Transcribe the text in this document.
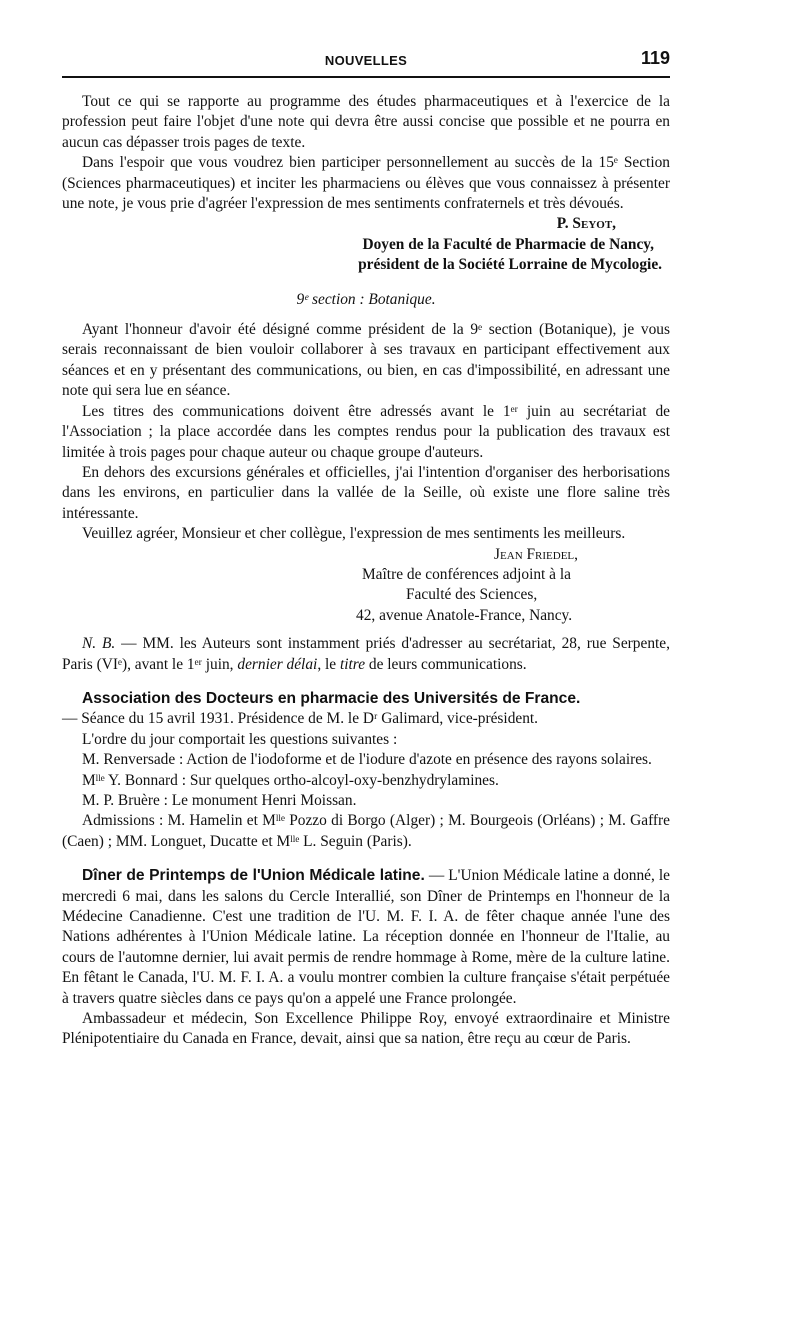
NOUVELLES	119

Tout ce qui se rapporte au programme des études pharmaceutiques et à l'exercice de la profession peut faire l'objet d'une note qui devra être aussi concise que possible et ne pourra en aucun cas dépasser trois pages de texte.

Dans l'espoir que vous voudrez bien participer personnellement au succès de la 15ᵉ Section (Sciences pharmaceutiques) et inciter les pharmaciens ou élèves que vous connaissez à présenter une note, je vous prie d'agréer l'expression de mes sentiments confraternels et très dévoués.

P. Seyot,

Doyen de la Faculté de Pharmacie de Nancy,

président de la Société Lorraine de Mycologie.

9ᵉ section : Botanique.

Ayant l'honneur d'avoir été désigné comme président de la 9ᵉ section (Botanique), je vous serais reconnaissant de bien vouloir collaborer à ses travaux en participant effectivement aux séances et en y présentant des communications, ou bien, en cas d'impossibilité, en adressant une note qui sera lue en séance.

Les titres des communications doivent être adressés avant le 1ᵉʳ juin au secrétariat de l'Association ; la place accordée dans les comptes rendus pour la publication des travaux est limitée à trois pages pour chaque auteur ou chaque groupe d'auteurs.

En dehors des excursions générales et officielles, j'ai l'intention d'organiser des herborisations dans les environs, en particulier dans la vallée de la Seille, où existe une flore saline très intéressante.

Veuillez agréer, Monsieur et cher collègue, l'expression de mes sentiments les meilleurs.

Jean Friedel,

Maître de conférences adjoint à la

Faculté des Sciences,

42, avenue Anatole-France, Nancy.

N. B. — MM. les Auteurs sont instamment priés d'adresser au secrétariat, 28, rue Serpente, Paris (VIᵉ), avant le 1ᵉʳ juin, dernier délai, le titre de leurs communications.

Association des Docteurs en pharmacie des Universités de France.

— Séance du 15 avril 1931. Présidence de M. le Dʳ Galimard, vice-président.

L'ordre du jour comportait les questions suivantes :

M. Renversade : Action de l'iodoforme et de l'iodure d'azote en présence des rayons solaires.

Mˡˡᵉ Y. Bonnard : Sur quelques ortho-alcoyl-oxy-benzhydrylamines.

M. P. Bruère : Le monument Henri Moissan.

Admissions : M. Hamelin et Mˡˡᵉ Pozzo di Borgo (Alger) ; M. Bourgeois (Orléans) ; M. Gaffre (Caen) ; MM. Longuet, Ducatte et Mˡˡᵉ L. Seguin (Paris).

Dîner de Printemps de l'Union Médicale latine. — L'Union Médicale latine a donné, le mercredi 6 mai, dans les salons du Cercle Interallié, son Dîner de Printemps en l'honneur de la Médecine Canadienne. C'est une tradition de l'U. M. F. I. A. de fêter chaque année l'une des Nations adhérentes à l'Union Médicale latine. La réception donnée en l'honneur de l'Italie, au cours de l'automne dernier, lui avait permis de rendre hommage à Rome, mère de la culture latine. En fêtant le Canada, l'U. M. F. I. A. a voulu montrer combien la culture française s'était perpétuée à travers quatre siècles dans ce pays qu'on a appelé une France prolongée.

Ambassadeur et médecin, Son Excellence Philippe Roy, envoyé extraordinaire et Ministre Plénipotentiaire du Canada en France, devait, ainsi que sa nation, être reçu au cœur de Paris.
